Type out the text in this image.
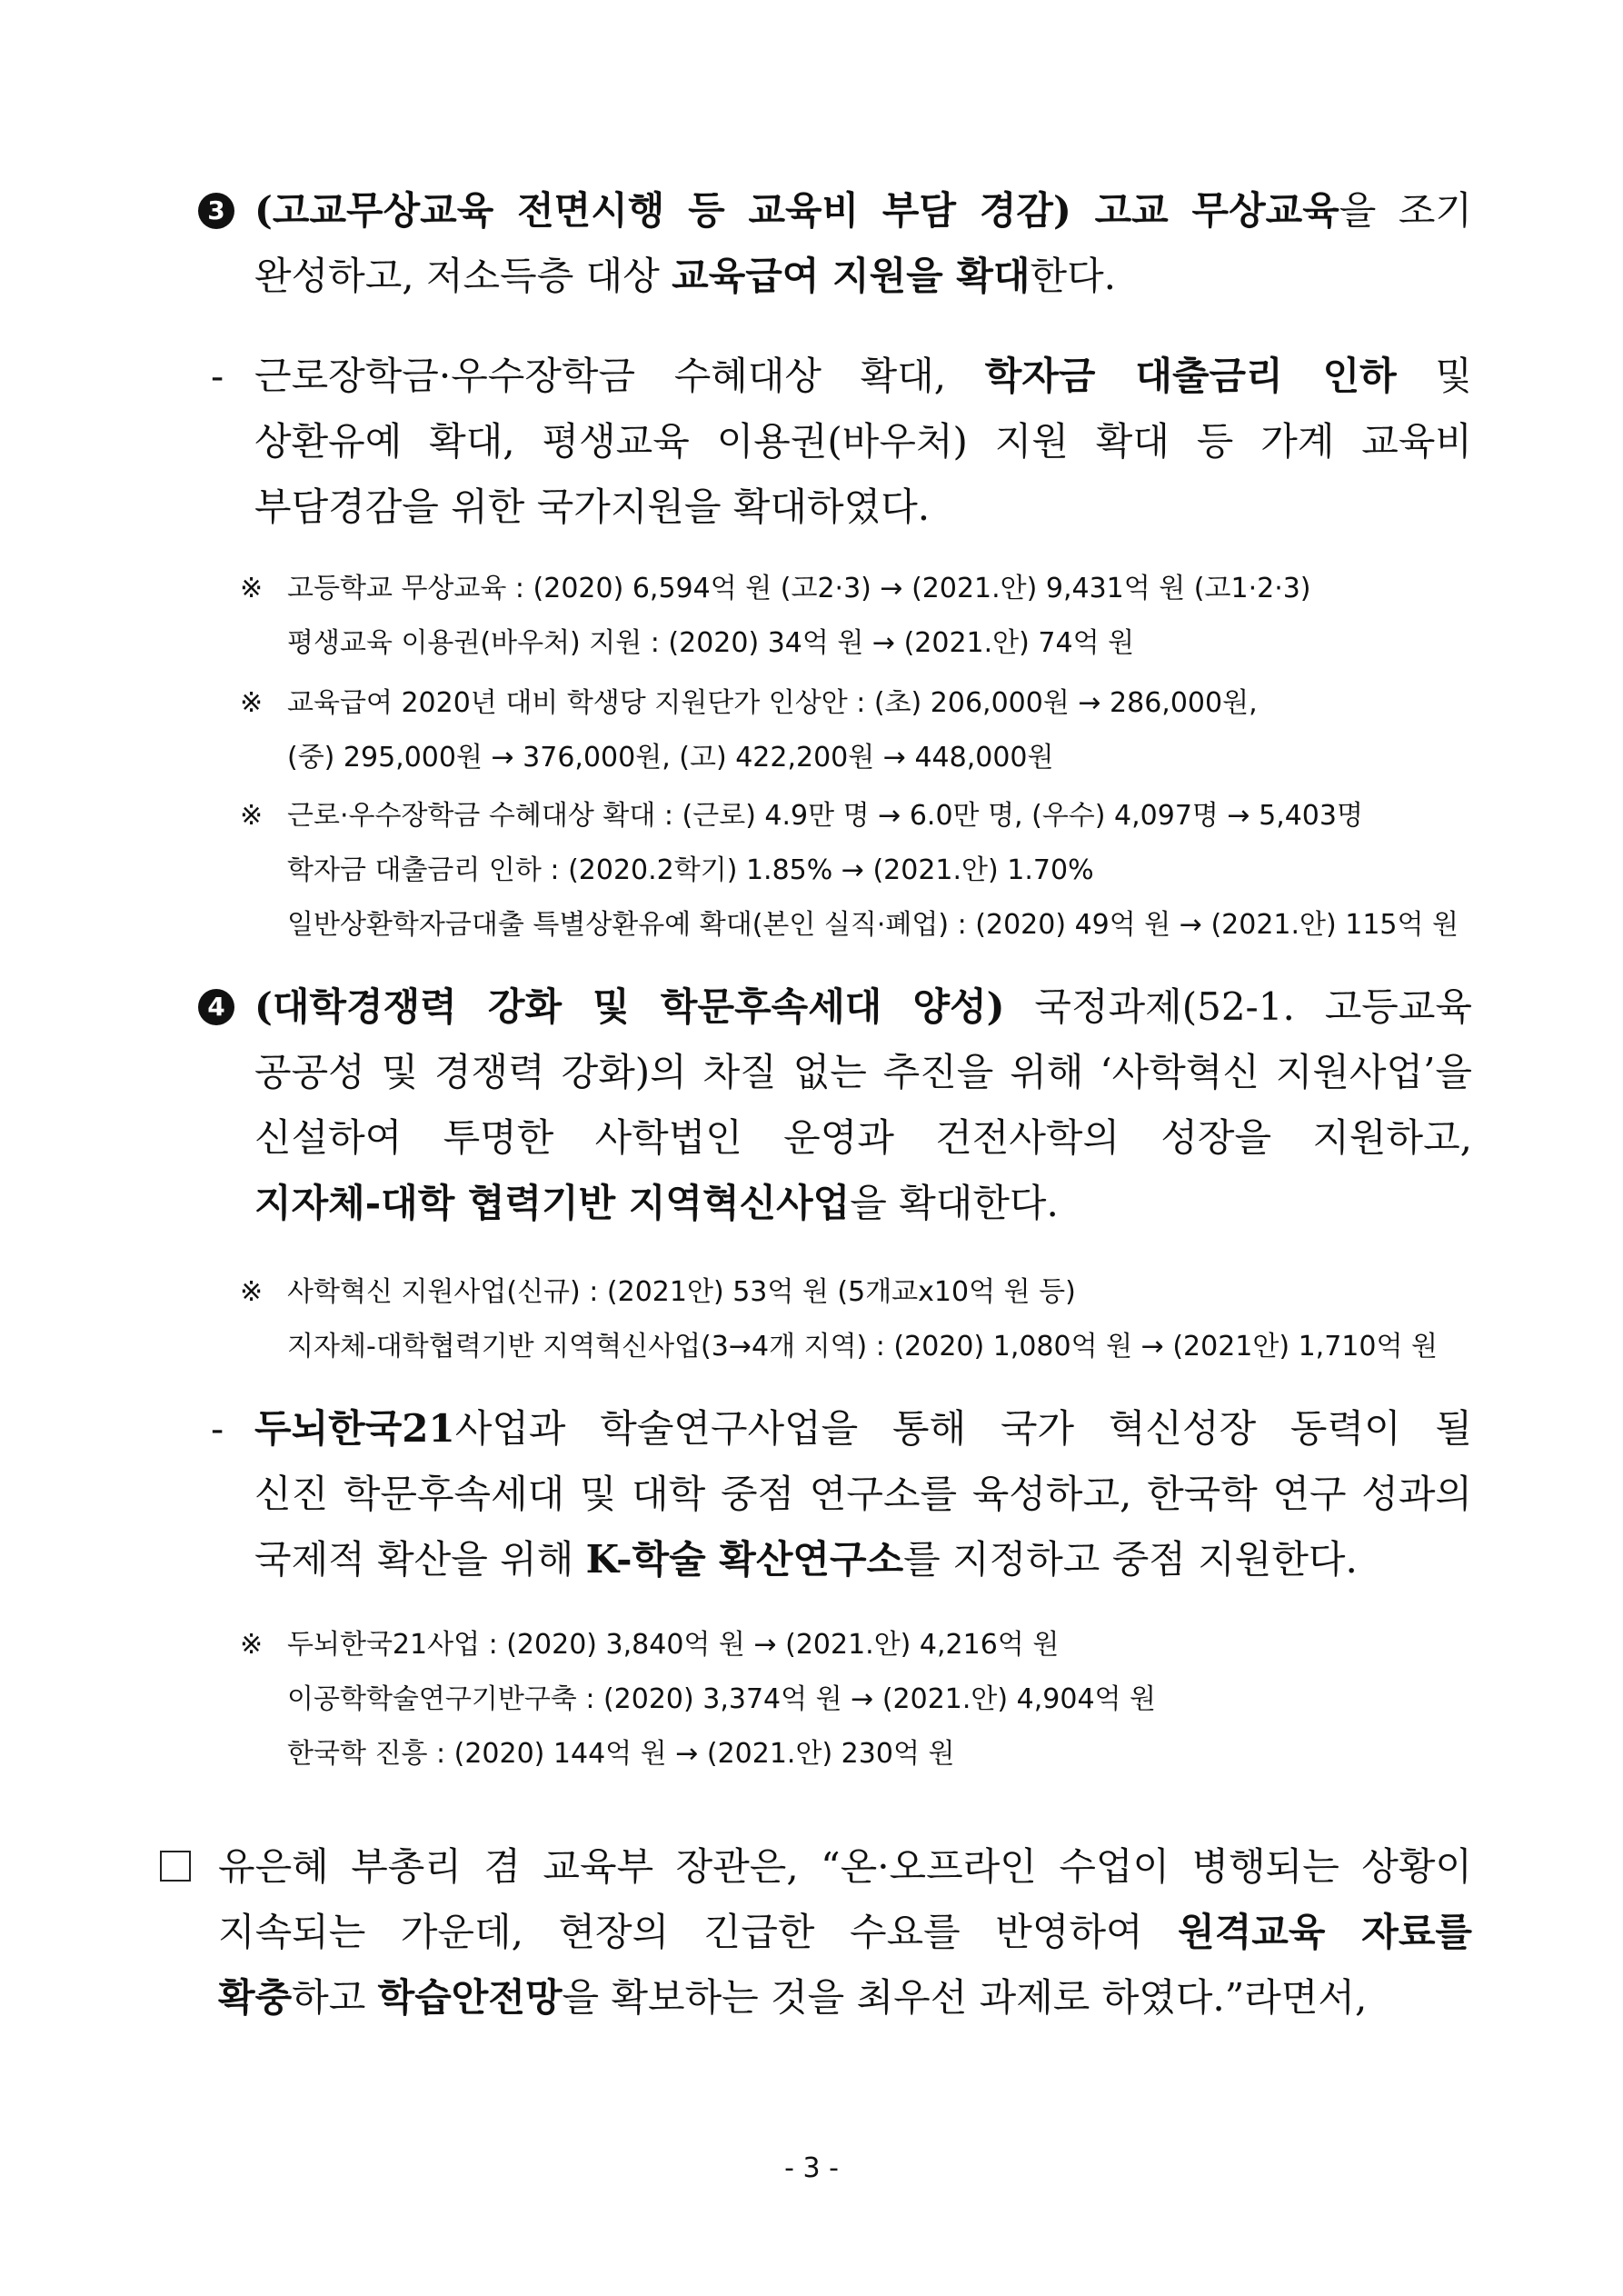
3 (고교무상교육 전면시행 등 교육비 부담 경감) 고교 무상교육을 조기
완성하고, 저소득층 대상 교육급여 지원을 확대한다.
- 근로장학금·우수장학금 수혜대상 확대, 학자금 대출금리 인하 및
상환유예 확대, 평생교육 이용권(바우처) 지원 확대 등 가계 교육비
부담경감을 위한 국가지원을 확대하였다.
※ 고등학교 무상교육 : (2020) 6,594억 원 (고2·3) → (2021.안) 9,431억 원 (고1·2·3)
평생교육 이용권(바우처) 지원 : (2020) 34억 원 → (2021.안) 74억 원
※ 교육급여 2020년 대비 학생당 지원단가 인상안 : (초) 206,000원 → 286,000원,
(중) 295,000원 → 376,000원, (고) 422,200원 → 448,000원
※ 근로·우수장학금 수혜대상 확대 : (근로) 4.9만 명 → 6.0만 명, (우수) 4,097명 → 5,403명
학자금 대출금리 인하 : (2020.2학기) 1.85% → (2021.안) 1.70%
일반상환학자금대출 특별상환유예 확대(본인 실직·폐업) : (2020) 49억 원 → (2021.안) 115억 원
4 (대학경쟁력 강화 및 학문후속세대 양성) 국정과제(52-1. 고등교육
공공성 및 경쟁력 강화)의 차질 없는 추진을 위해 ‘사학혁신 지원사업’을
신설하여 투명한 사학법인 운영과 건전사학의 성장을 지원하고,
지자체-대학 협력기반 지역혁신사업을 확대한다.
※ 사학혁신 지원사업(신규) : (2021안) 53억 원 (5개교x10억 원 등)
지자체-대학협력기반 지역혁신사업(3→4개 지역) : (2020) 1,080억 원 → (2021안) 1,710억 원
- 두뇌한국21사업과 학술연구사업을 통해 국가 혁신성장 동력이 될
신진 학문후속세대 및 대학 중점 연구소를 육성하고, 한국학 연구 성과의
국제적 확산을 위해 K-학술 확산연구소를 지정하고 중점 지원한다.
※ 두뇌한국21사업 : (2020) 3,840억 원 → (2021.안) 4,216억 원
이공학학술연구기반구축 : (2020) 3,374억 원 → (2021.안) 4,904억 원
한국학 진흥 : (2020) 144억 원 → (2021.안) 230억 원
유은혜 부총리 겸 교육부 장관은, “온·오프라인 수업이 병행되는 상황이
지속되는 가운데, 현장의 긴급한 수요를 반영하여 원격교육 자료를
확충하고 학습안전망을 확보하는 것을 최우선 과제로 하였다.”라면서,
- 3 -
